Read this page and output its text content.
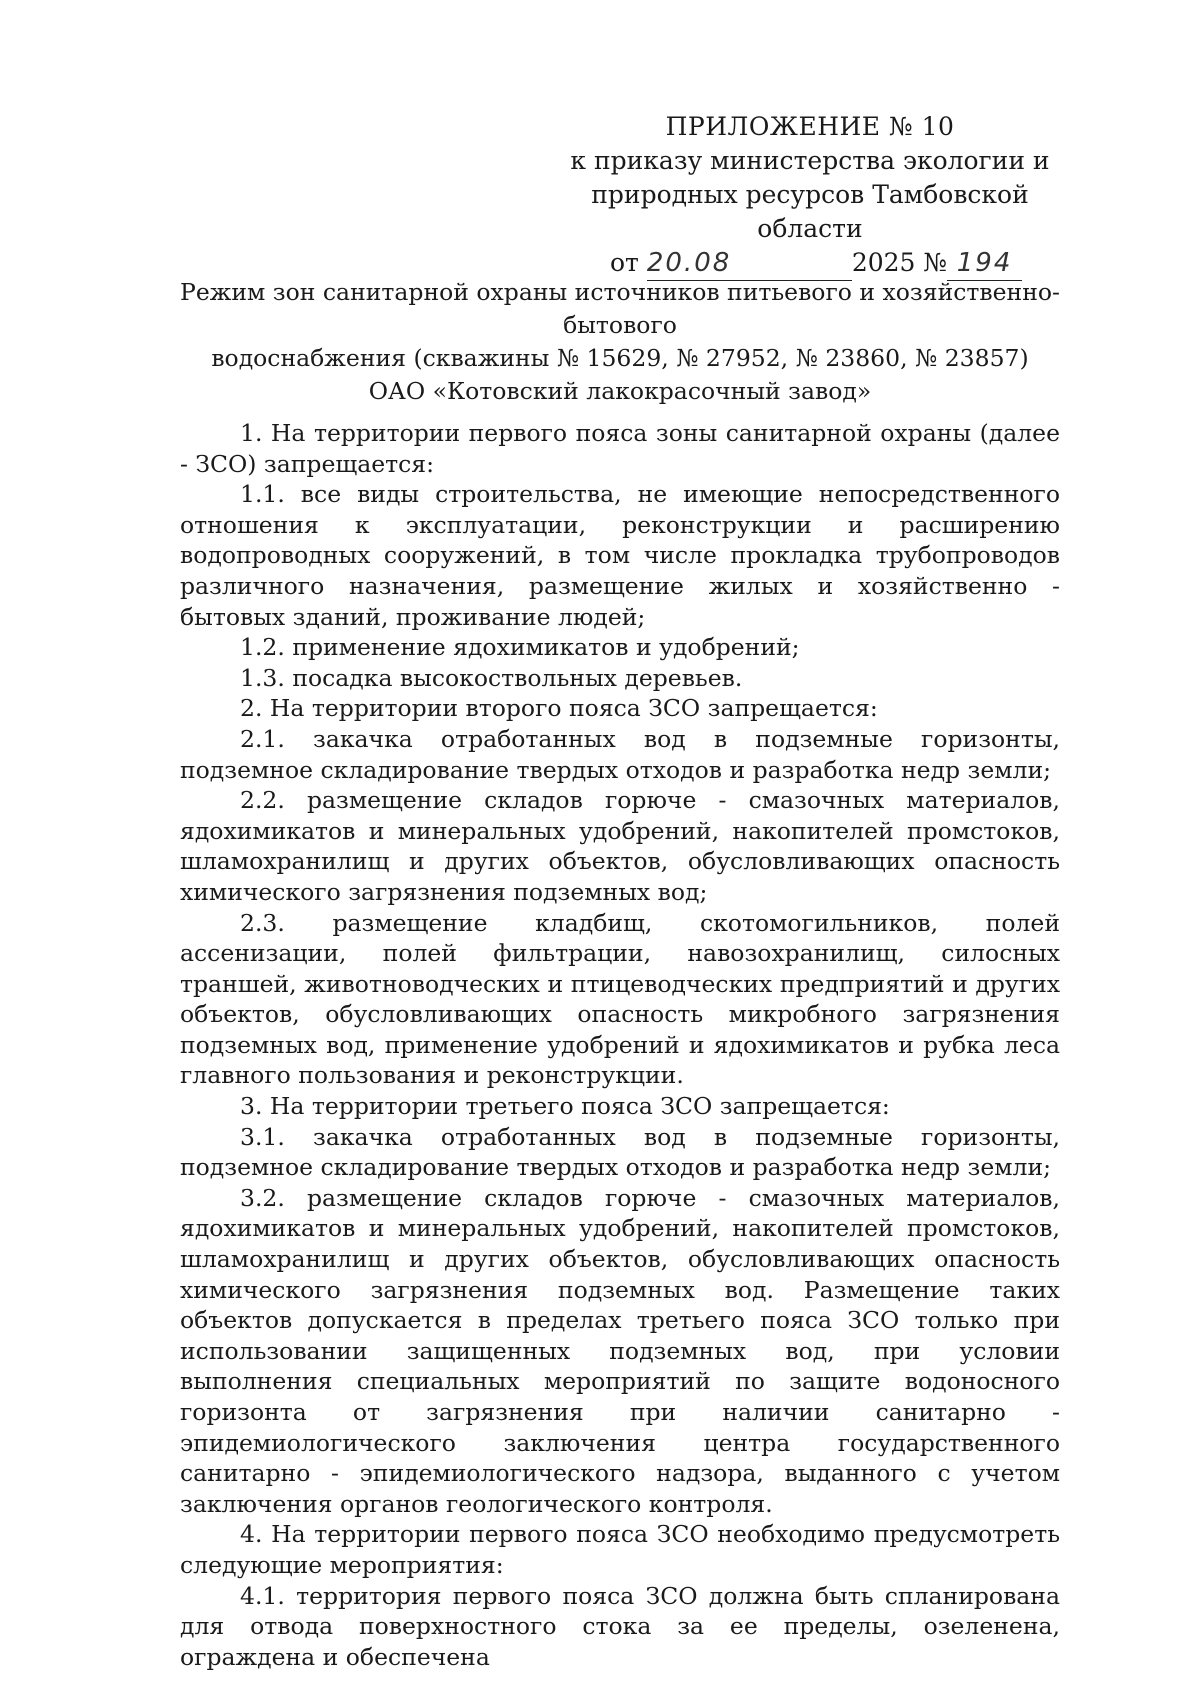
ПРИЛОЖЕНИЕ № 10
к приказу министерства экологии и
природных ресурсов Тамбовской области
от 20.08	2025 № 194
Режим зон санитарной охраны источников питьевого и хозяйственно-бытового
водоснабжения (скважины № 15629, № 27952, № 23860, № 23857)
ОАО «Котовский лакокрасочный завод»

1. На территории первого пояса зоны санитарной охраны (далее - ЗСО) запрещается:

1.1. все виды строительства, не имеющие непосредственного отношения к эксплуатации, реконструкции и расширению водопроводных сооружений, в том числе прокладка трубопроводов различного назначения, размещение жилых и хозяйственно - бытовых зданий, проживание людей;

1.2. применение ядохимикатов и удобрений;

1.3. посадка высокоствольных деревьев.

2. На территории второго пояса ЗСО запрещается:

2.1. закачка отработанных вод в подземные горизонты, подземное складирование твердых отходов и разработка недр земли;

2.2. размещение складов горюче - смазочных материалов, ядохимикатов и минеральных удобрений, накопителей промстоков, шламохранилищ и других объектов, обусловливающих опасность химического загрязнения подземных вод;

2.3. размещение кладбищ, скотомогильников, полей ассенизации, полей фильтрации, навозохранилищ, силосных траншей, животноводческих и птицеводческих предприятий и других объектов, обусловливающих опасность микробного загрязнения подземных вод, применение удобрений и ядохимикатов и рубка леса главного пользования и реконструкции.

3. На территории третьего пояса ЗСО запрещается:

3.1. закачка отработанных вод в подземные горизонты, подземное складирование твердых отходов и разработка недр земли;

3.2. размещение складов горюче - смазочных материалов, ядохимикатов и минеральных удобрений, накопителей промстоков, шламохранилищ и других объектов, обусловливающих опасность химического загрязнения подземных вод. Размещение таких объектов допускается в пределах третьего пояса ЗСО только при использовании защищенных подземных вод, при условии выполнения специальных мероприятий по защите водоносного горизонта от загрязнения при наличии санитарно - эпидемиологического заключения центра государственного санитарно - эпидемиологического надзора, выданного с учетом заключения органов геологического контроля.

4. На территории первого пояса ЗСО необходимо предусмотреть следующие мероприятия:

4.1. территория первого пояса ЗСО должна быть спланирована для отвода поверхностного стока за ее пределы, озеленена, ограждена и обеспечена
